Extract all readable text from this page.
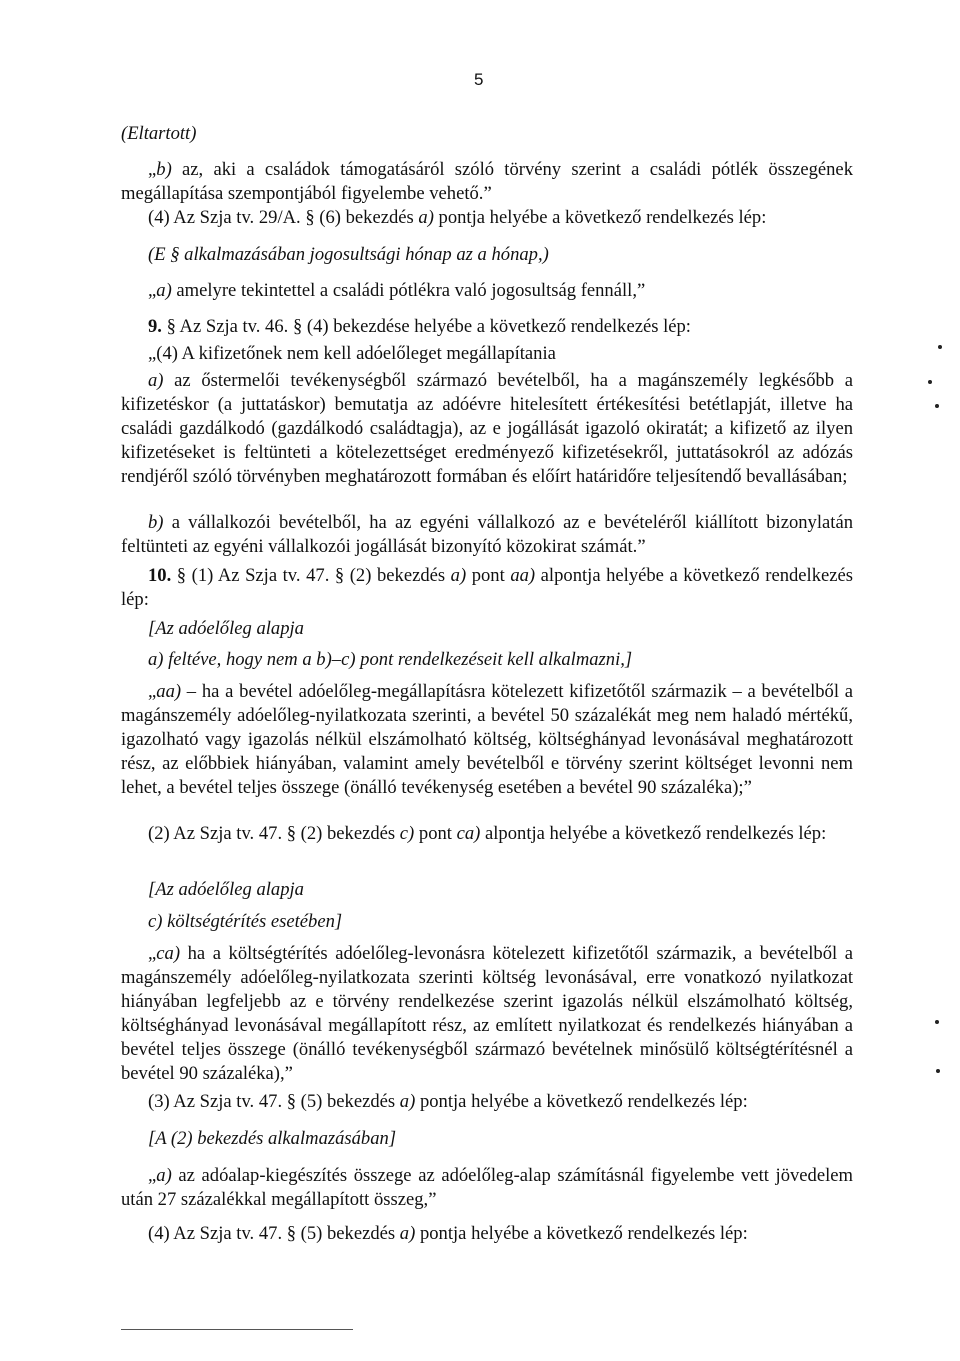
5

(Eltartott)

„b) az, aki a családok támogatásáról szóló törvény szerint a családi pótlék összegének megállapítása szempontjából figyelembe vehető.”

(4) Az Szja tv. 29/A. § (6) bekezdés a) pontja helyébe a következő rendelkezés lép:

(E § alkalmazásában jogosultsági hónap az a hónap,)

„a) amelyre tekintettel a családi pótlékra való jogosultság fennáll,”

9. § Az Szja tv. 46. § (4) bekezdése helyébe a következő rendelkezés lép:

„(4) A kifizetőnek nem kell adóelőleget megállapítania

a) az őstermelői tevékenységből származó bevételből, ha a magánszemély legkésőbb a kifizetéskor (a juttatáskor) bemutatja az adóévre hitelesített értékesítési betétlapját, illetve ha családi gazdálkodó (gazdálkodó családtagja), az e jogállását igazoló okiratát; a kifizető az ilyen kifizetéseket is feltünteti a kötelezettséget eredményező kifizetésekről, juttatásokról az adózás rendjéről szóló törvényben meghatározott formában és előírt határidőre teljesítendő bevallásában;

b) a vállalkozói bevételből, ha az egyéni vállalkozó az e bevételéről kiállított bizonylatán feltünteti az egyéni vállalkozói jogállását bizonyító közokirat számát.”

10. § (1) Az Szja tv. 47. § (2) bekezdés a) pont aa) alpontja helyébe a következő rendelkezés lép:

[Az adóelőleg alapja

a) feltéve, hogy nem a b)–c) pont rendelkezéseit kell alkalmazni,]

„aa) – ha a bevétel adóelőleg-megállapításra kötelezett kifizetőtől származik – a bevételből a magánszemély adóelőleg-nyilatkozata szerinti, a bevétel 50 százalékát meg nem haladó mértékű, igazolható vagy igazolás nélkül elszámolható költség, költséghányad levonásával meghatározott rész, az előbbiek hiányában, valamint amely bevételből e törvény szerint költséget levonni nem lehet, a bevétel teljes összege (önálló tevékenység esetében a bevétel 90 százaléka);”

(2) Az Szja tv. 47. § (2) bekezdés c) pont ca) alpontja helyébe a következő rendelkezés lép:

[Az adóelőleg alapja

c) költségtérítés esetében]

„ca) ha a költségtérítés adóelőleg-levonásra kötelezett kifizetőtől származik, a bevételből a magánszemély adóelőleg-nyilatkozata szerinti költség levonásával, erre vonatkozó nyilatkozat hiányában legfeljebb az e törvény rendelkezése szerint igazolás nélkül elszámolható költség, költséghányad levonásával megállapított rész, az említett nyilatkozat és rendelkezés hiányában a bevétel teljes összege (önálló tevékenységből származó bevételnek minősülő költségtérítésnél a bevétel 90 százaléka),”

(3) Az Szja tv. 47. § (5) bekezdés a) pontja helyébe a következő rendelkezés lép:

[A (2) bekezdés alkalmazásában]

„a) az adóalap-kiegészítés összege az adóelőleg-alap számításnál figyelembe vett jövedelem után 27 százalékkal megállapított összeg,”

(4) Az Szja tv. 47. § (5) bekezdés a) pontja helyébe a következő rendelkezés lép:
